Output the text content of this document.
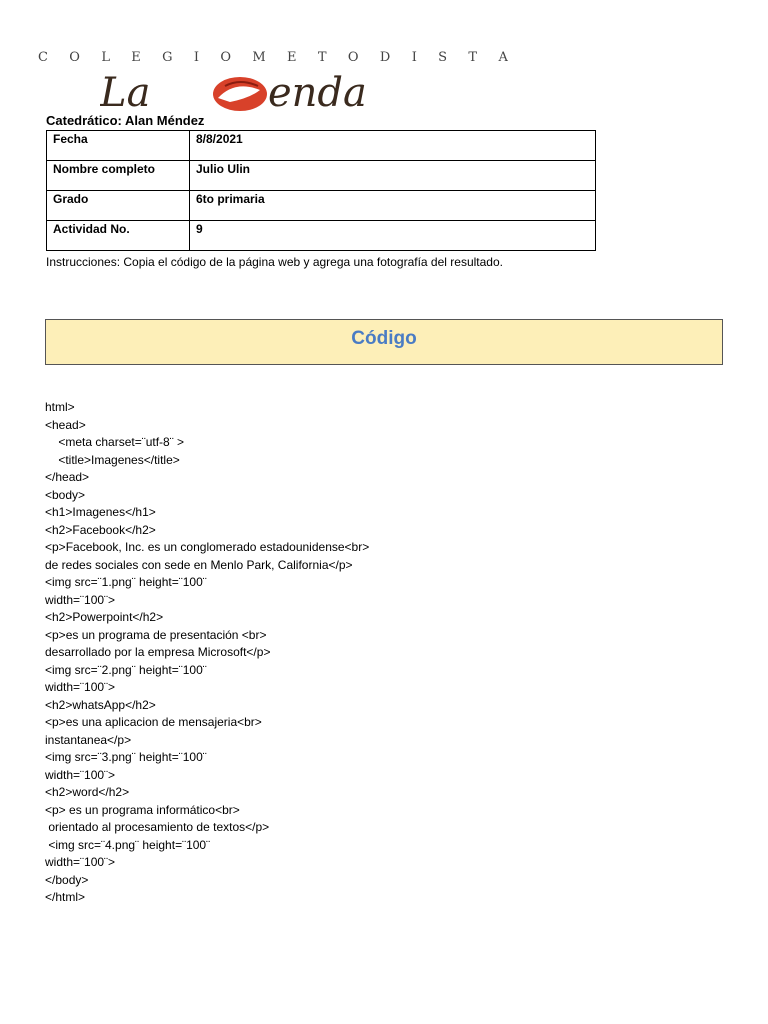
C O L E G I O M E T O D I S T A
La	enda
Catedrático: Alan Méndez
Fecha	8/8/2021
Nombre completo	Julio Ulin
Grado	6to primaria
Actividad No.	9
Instrucciones: Copia el código de la página web y agrega una fotografía del resultado.
Código
html>
<head>
<meta charset=¨utf-8¨ >
<title>Imagenes</title>
</head>
<body>
<h1>Imagenes</h1>
<h2>Facebook</h2>
<p>Facebook, Inc. es un conglomerado estadounidense<br>
de redes sociales con sede en Menlo Park, California</p>
<img src=¨1.png¨ height=¨100¨
width=¨100¨>
<h2>Powerpoint</h2>
<p>es un programa de presentación <br>
desarrollado por la empresa Microsoft</p>
<img src=¨2.png¨ height=¨100¨
width=¨100¨>
<h2>whatsApp</h2>
<p>es una aplicacion de mensajeria<br>
instantanea</p>
<img src=¨3.png¨ height=¨100¨
width=¨100¨>
<h2>word</h2>
<p> es un programa informático<br>
orientado al procesamiento de textos</p>
<img src=¨4.png¨ height=¨100¨
width=¨100¨>
</body>
</html>
